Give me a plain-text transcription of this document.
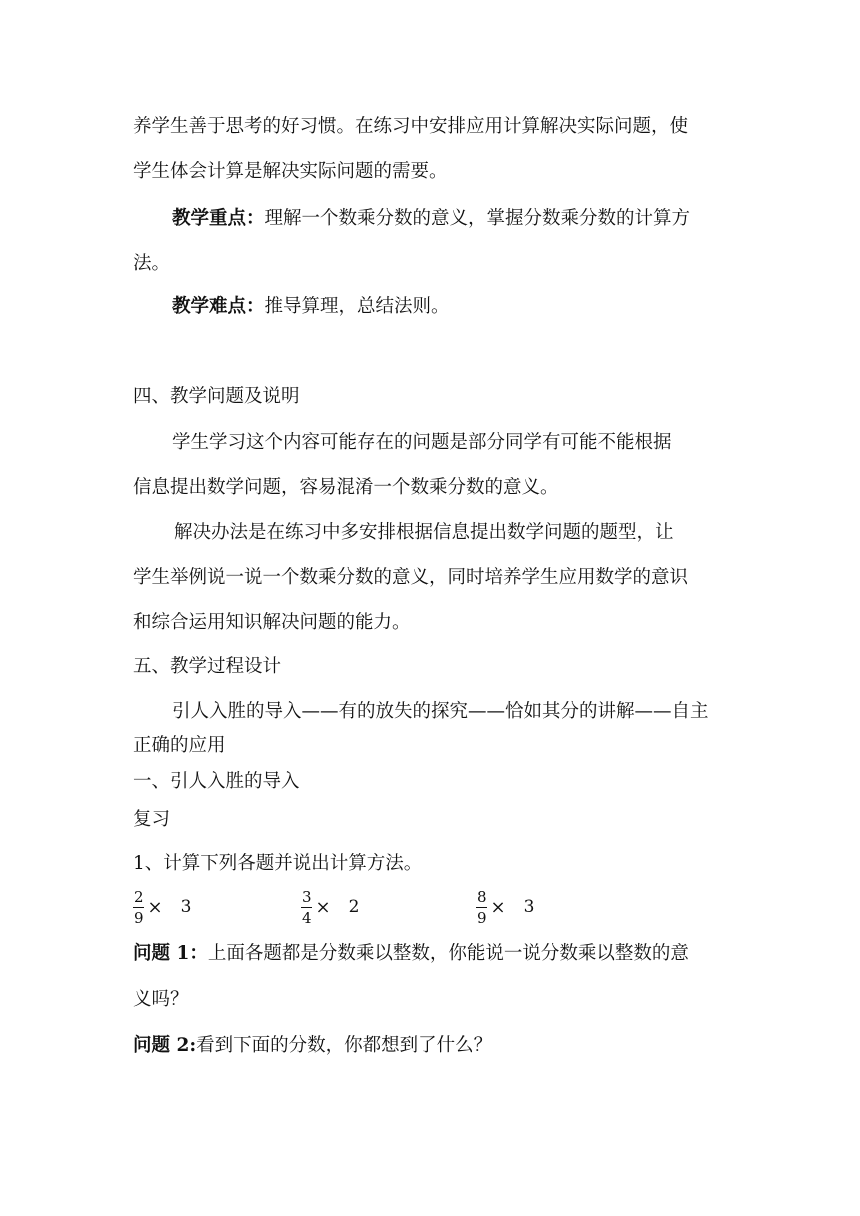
养学生善于思考的好习惯。在练习中安排应用计算解决实际问题，使
学生体会计算是解决实际问题的需要。
教学重点：理解一个数乘分数的意义，掌握分数乘分数的计算方
法。
教学难点：推导算理，总结法则。
四、教学问题及说明
学生学习这个内容可能存在的问题是部分同学有可能不能根据
信息提出数学问题，容易混淆一个数乘分数的意义。
解决办法是在练习中多安排根据信息提出数学问题的题型，让
学生举例说一说一个数乘分数的意义，同时培养学生应用数学的意识
和综合运用知识解决问题的能力。
五、教学过程设计
引人入胜的导入——有的放失的探究——恰如其分的讲解——自主
正确的应用
一、引人入胜的导入
复习
1、计算下列各题并说出计算方法。
$\frac{2}{9} \times 3$	$\frac{3}{4} \times 2$	$\frac{8}{9} \times 3$
问题 1：上面各题都是分数乘以整数，你能说一说分数乘以整数的意
义吗？
问题 2:看到下面的分数，你都想到了什么？
